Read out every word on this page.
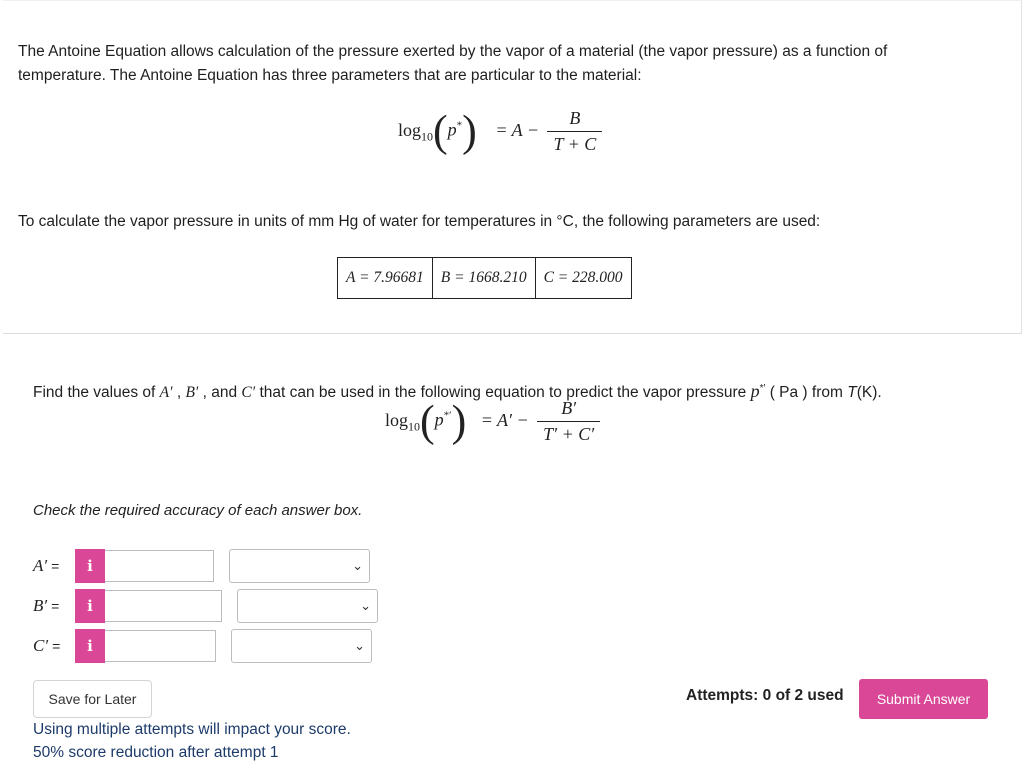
The Antoine Equation allows calculation of the pressure exerted by the vapor of a material (the vapor pressure) as a function of
temperature. The Antoine Equation has three parameters that are particular to the material:
$\log_{10}(p^*) = A - \frac{B}{T + C}$
To calculate the vapor pressure in units of mm Hg of water for temperatures in °C, the following parameters are used:
A = 7.96681	B = 1668.210	C = 228.000
Find the values of A′ , B′ , and C′ that can be used in the following equation to predict the vapor pressure p*′ ( Pa ) from T(K).
$\log_{10}(p^{*'}) = A' - \frac{B'}{T' + C'}$
Check the required accuracy of each answer box.
A′ =	i	⌄
B′ =	i	⌄
C′ =	i	⌄
Save for Later	Attempts: 0 of 2 used	Submit Answer
Using multiple attempts will impact your score.
50% score reduction after attempt 1
